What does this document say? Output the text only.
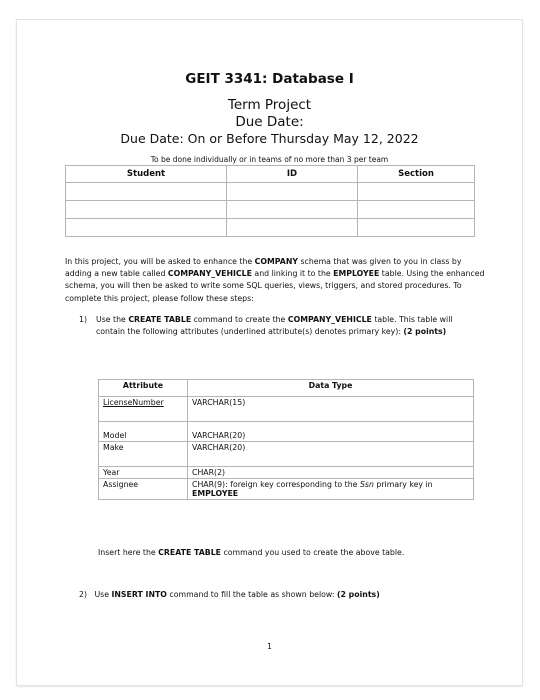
GEIT 3341: Database I
Term Project
Due Date:
Due Date: On or Before Thursday May 12, 2022
To be done individually or in teams of no more than 3 per team
Student	ID	Section

In this project, you will be asked to enhance the COMPANY schema that was given to you in class by adding a new table called COMPANY_VEHICLE and linking it to the EMPLOYEE table. Using the enhanced schema, you will then be asked to write some SQL queries, views, triggers, and stored procedures. To complete this project, please follow these steps:
1) Use the CREATE TABLE command to create the COMPANY_VEHICLE table. This table will contain the following attributes (underlined attribute(s) denotes primary key): (2 points)
Attribute	Data Type
LicenseNumber	VARCHAR(15)
Model	VARCHAR(20)
Make	VARCHAR(20)
Year	CHAR(2)
Assignee	CHAR(9): foreign key corresponding to the Ssn primary key in
EMPLOYEE
Insert here the CREATE TABLE command you used to create the above table.
2) Use INSERT INTO command to fill the table as shown below: (2 points)
1
